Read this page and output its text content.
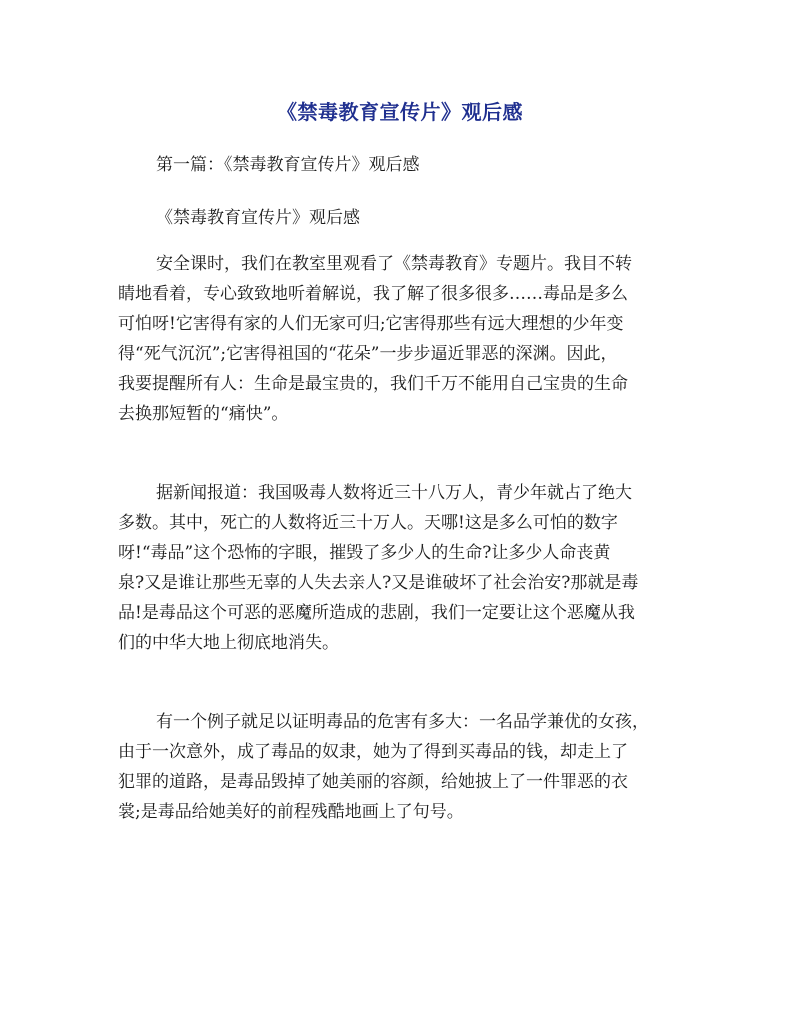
《禁毒教育宣传片》观后感
第一篇：《禁毒教育宣传片》观后感
《禁毒教育宣传片》观后感
安全课时，我们在教室里观看了《禁毒教育》专题片。我目不转
睛地看着，专心致致地听着解说，我了解了很多很多……毒品是多么
可怕呀!它害得有家的人们无家可归;它害得那些有远大理想的少年变
得“死气沉沉”;它害得祖国的“花朵”一步步逼近罪恶的深渊。因此，
我要提醒所有人：生命是最宝贵的，我们千万不能用自己宝贵的生命
去换那短暂的“痛快”。
据新闻报道：我国吸毒人数将近三十八万人，青少年就占了绝大
多数。其中，死亡的人数将近三十万人。天哪!这是多么可怕的数字
呀!“毒品”这个恐怖的字眼，摧毁了多少人的生命?让多少人命丧黄
泉?又是谁让那些无辜的人失去亲人?又是谁破坏了社会治安?那就是毒
品!是毒品这个可恶的恶魔所造成的悲剧，我们一定要让这个恶魔从我
们的中华大地上彻底地消失。
有一个例子就足以证明毒品的危害有多大：一名品学兼优的女孩，
由于一次意外，成了毒品的奴隶，她为了得到买毒品的钱，却走上了
犯罪的道路，是毒品毁掉了她美丽的容颜，给她披上了一件罪恶的衣
裳;是毒品给她美好的前程残酷地画上了句号。
